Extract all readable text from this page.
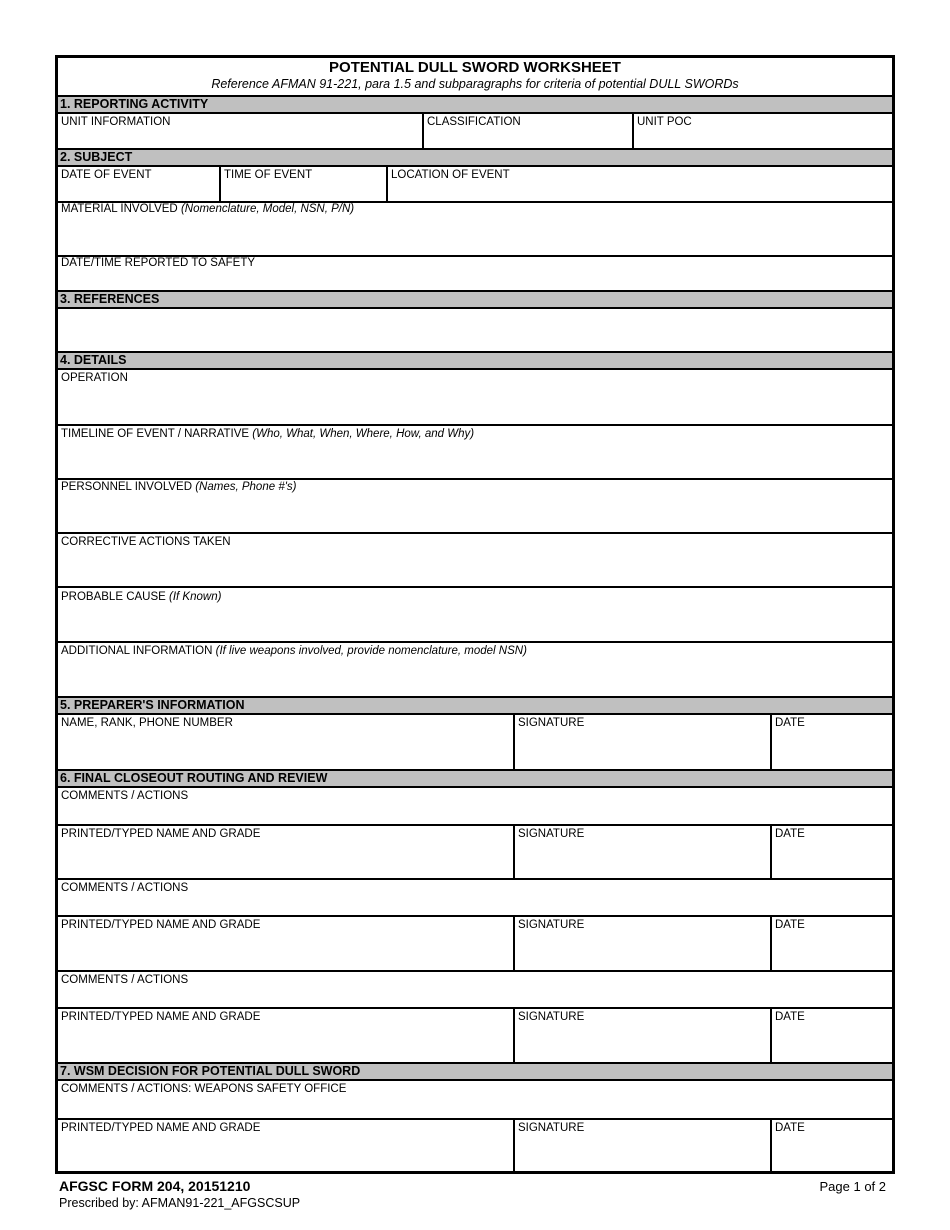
POTENTIAL DULL SWORD WORKSHEET
Reference AFMAN 91-221, para 1.5 and subparagraphs for criteria of potential DULL SWORDs
1. REPORTING ACTIVITY
UNIT INFORMATION	CLASSIFICATION	UNIT POC
2. SUBJECT
DATE OF EVENT	TIME OF EVENT	LOCATION OF EVENT
MATERIAL INVOLVED (Nomenclature, Model, NSN, P/N)
DATE/TIME REPORTED TO SAFETY
3. REFERENCES
4. DETAILS
OPERATION
TIMELINE OF EVENT / NARRATIVE (Who, What, When, Where, How, and Why)
PERSONNEL INVOLVED (Names, Phone #'s)
CORRECTIVE ACTIONS TAKEN
PROBABLE CAUSE (If Known)
ADDITIONAL INFORMATION (If live weapons involved, provide nomenclature, model NSN)
5. PREPARER'S INFORMATION
NAME, RANK, PHONE NUMBER	SIGNATURE	DATE
6. FINAL CLOSEOUT ROUTING AND REVIEW
COMMENTS / ACTIONS
PRINTED/TYPED NAME AND GRADE	SIGNATURE	DATE
COMMENTS / ACTIONS
PRINTED/TYPED NAME AND GRADE	SIGNATURE	DATE
COMMENTS / ACTIONS
PRINTED/TYPED NAME AND GRADE	SIGNATURE	DATE
7. WSM DECISION FOR POTENTIAL DULL SWORD
COMMENTS / ACTIONS: WEAPONS SAFETY OFFICE
PRINTED/TYPED NAME AND GRADE	SIGNATURE	DATE
AFGSC FORM 204, 20151210
Prescribed by: AFMAN91-221_AFGSCSUP
Page 1 of 2
